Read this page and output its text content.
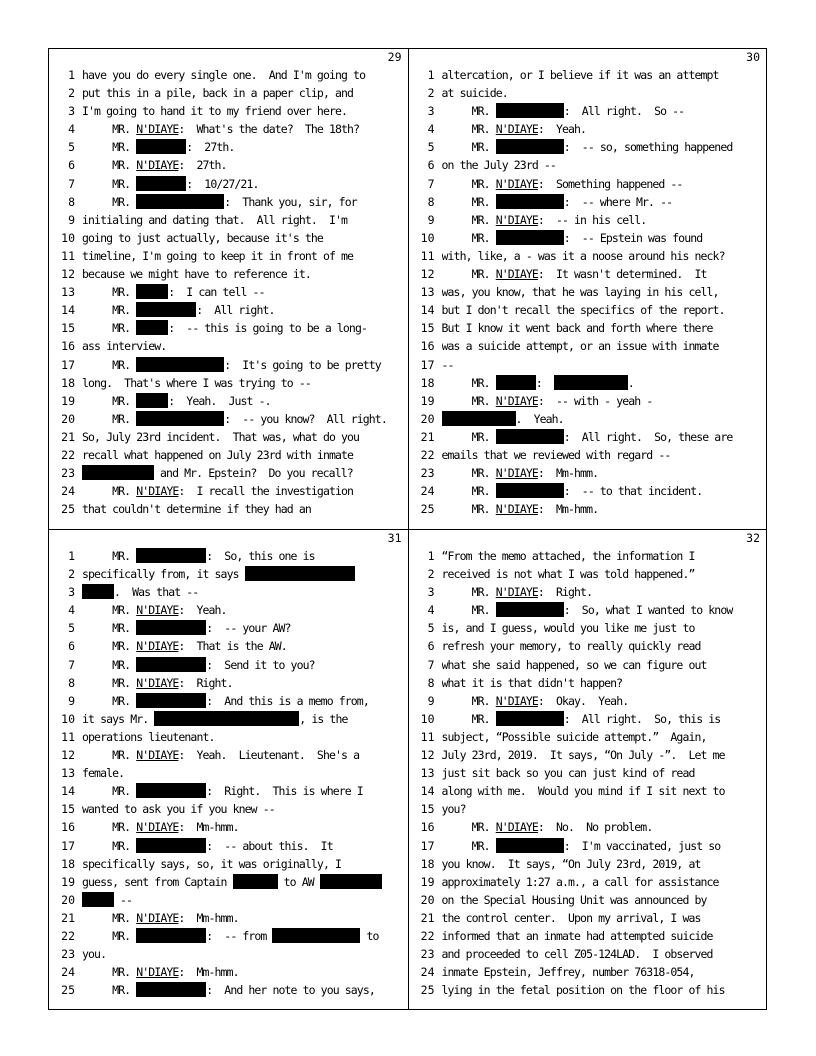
29
1 have you do every single one.  And I'm going to
2 put this in a pile, back in a paper clip, and
3 I'm going to hand it to my friend over here.
4 MR. N'DIAYE:  What's the date?  The 18th?
5 MR.	:  27th.
6 MR. N'DIAYE:  27th.
7 MR.	:  10/27/21.
8 MR.	:  Thank you, sir, for
9 initialing and dating that.  All right.  I'm
10 going to just actually, because it's the
11 timeline, I'm going to keep it in front of me
12 because we might have to reference it.
13 MR.	:  I can tell --
14 MR.	:  All right.
15 MR.	:  -- this is going to be a long-
16 ass interview.
17 MR.	:  It's going to be pretty
18 long.  That's where I was trying to --
19 MR.	:  Yeah.  Just -.
20 MR.	:  -- you know?  All right.
21 So, July 23rd incident.  That was, what do you
22 recall what happened on July 23rd with inmate
23	and Mr. Epstein?  Do you recall?
24 MR. N'DIAYE:  I recall the investigation
25 that couldn't determine if they had an
30
1 altercation, or I believe if it was an attempt
2 at suicide.
3 MR.	:  All right.  So --
4 MR. N'DIAYE:  Yeah.
5 MR.	:  -- so, something happened
6 on the July 23rd --
7 MR. N'DIAYE:  Something happened --
8 MR.	:  -- where Mr. --
9 MR. N'DIAYE:  -- in his cell.
10 MR.	:  -- Epstein was found
11 with, like, a - was it a noose around his neck?
12 MR. N'DIAYE:  It wasn't determined.  It
13 was, you know, that he was laying in his cell,
14 but I don't recall the specifics of the report.
15 But I know it went back and forth where there
16 was a suicide attempt, or an issue with inmate
17 --
18 MR.	:	.
19 MR. N'DIAYE:  -- with - yeah -
20	.  Yeah.
21 MR.	:  All right.  So, these are
22 emails that we reviewed with regard --
23 MR. N'DIAYE:  Mm-hmm.
24 MR.	:  -- to that incident.
25 MR. N'DIAYE:  Mm-hmm.
31
1 MR.	:  So, this one is
2 specifically from, it says
3	.  Was that --
4 MR. N'DIAYE:  Yeah.
5 MR.	:  -- your AW?
6 MR. N'DIAYE:  That is the AW.
7 MR.	:  Send it to you?
8 MR. N'DIAYE:  Right.
9 MR.	:  And this is a memo from,
10 it says Mr.	, is the
11 operations lieutenant.
12 MR. N'DIAYE:  Yeah.  Lieutenant.  She's a
13 female.
14 MR.	:  Right.  This is where I
15 wanted to ask you if you knew --
16 MR. N'DIAYE:  Mm-hmm.
17 MR.	:  -- about this.  It
18 specifically says, so, it was originally, I
19 guess, sent from Captain	to AW
20	--
21 MR. N'DIAYE:  Mm-hmm.
22 MR.	:  -- from	to
23 you.
24 MR. N'DIAYE:  Mm-hmm.
25 MR.	:  And her note to you says,
32
1 “From the memo attached, the information I
2 received is not what I was told happened.”
3 MR. N'DIAYE:  Right.
4 MR.	:  So, what I wanted to know
5 is, and I guess, would you like me just to
6 refresh your memory, to really quickly read
7 what she said happened, so we can figure out
8 what it is that didn't happen?
9 MR. N'DIAYE:  Okay.  Yeah.
10 MR.	:  All right.  So, this is
11 subject, “Possible suicide attempt.”  Again,
12 July 23rd, 2019.  It says, “On July -”.  Let me
13 just sit back so you can just kind of read
14 along with me.  Would you mind if I sit next to
15 you?
16 MR. N'DIAYE:  No.  No problem.
17 MR.	:  I'm vaccinated, just so
18 you know.  It says, “On July 23rd, 2019, at
19 approximately 1:27 a.m., a call for assistance
20 on the Special Housing Unit was announced by
21 the control center.  Upon my arrival, I was
22 informed that an inmate had attempted suicide
23 and proceeded to cell Z05-124LAD.  I observed
24 inmate Epstein, Jeffrey, number 76318-054,
25 lying in the fetal position on the floor of his
